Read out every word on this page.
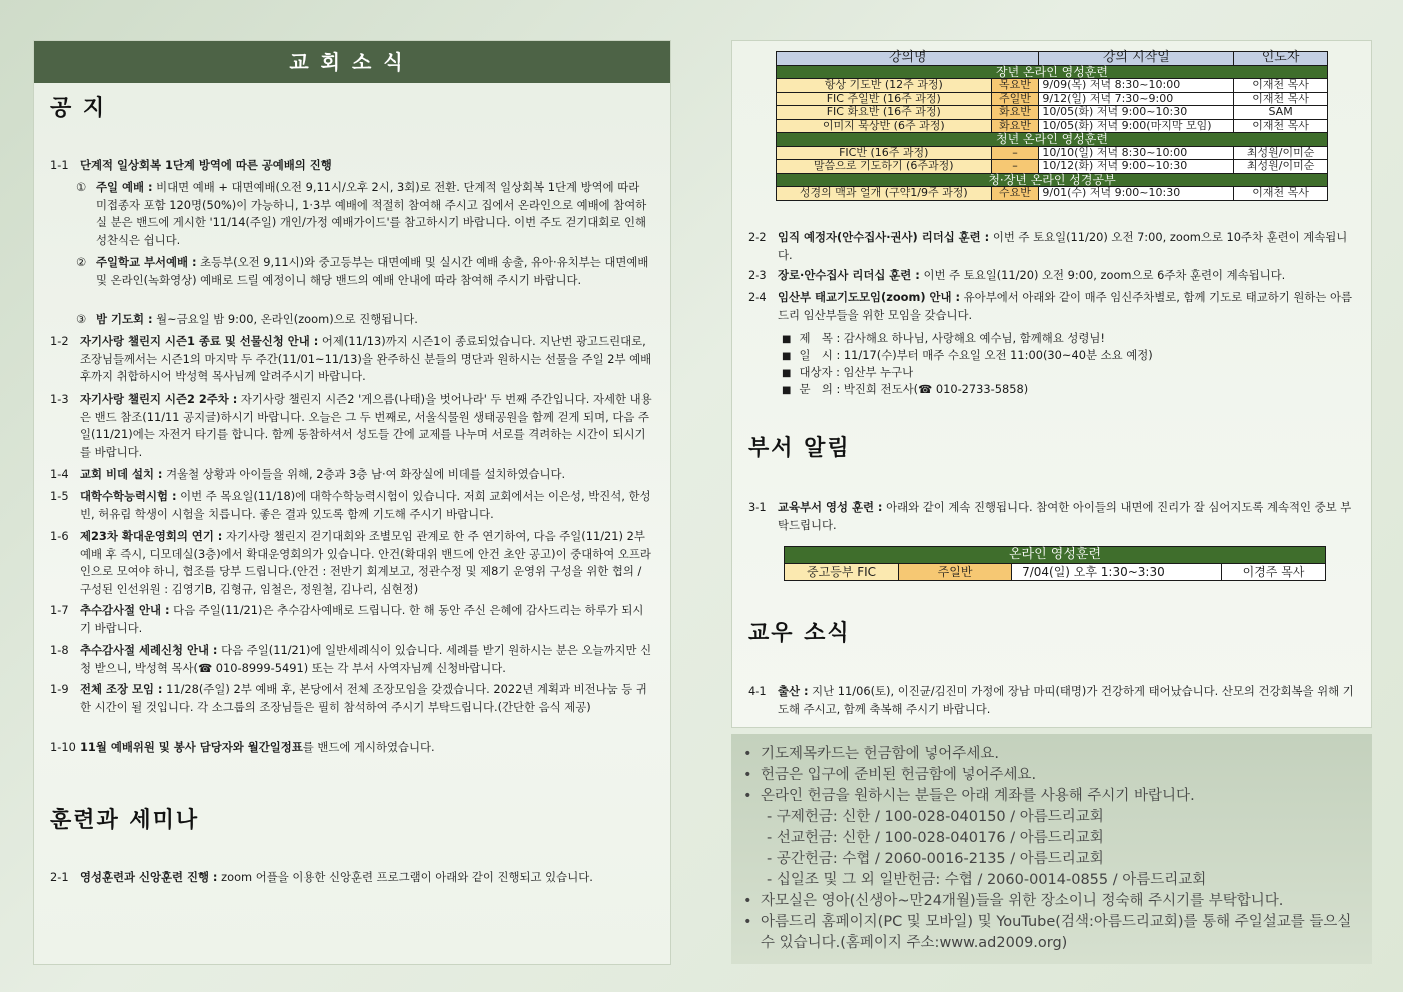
교회소식
공 지
1-1 단계적 일상회복 1단계 방역에 따른 공예배의 진행
① 주일 예배 : 비대면 예배 + 대면예배(오전 9,11시/오후 2시, 3회)로 전환. 단계적 일상회복 1단계 방역에 따라 미접종자 포함 120명(50%)이 가능하니, 1·3부 예배에 적절히 참여해 주시고 집에서 온라인으로 예배에 참여하실 분은 밴드에 게시한 '11/14(주일) 개인/가정 예배가이드'를 참고하시기 바랍니다. 이번 주도 걷기대회로 인해 성찬식은 쉽니다.
② 주일학교 부서예배 : 초등부(오전 9,11시)와 중고등부는 대면예배 및 실시간 예배 송출, 유아·유치부는 대면예배 및 온라인(녹화영상) 예배로 드릴 예정이니 해당 밴드의 예배 안내에 따라 참여해 주시기 바랍니다.
③ 밤 기도회 : 월~금요일 밤 9:00, 온라인(zoom)으로 진행됩니다.
1-2 자기사랑 챌린지 시즌1 종료 및 선물신청 안내 : 어제(11/13)까지 시즌1이 종료되었습니다. 지난번 광고드린대로, 조장님들께서는 시즌1의 마지막 두 주간(11/01~11/13)을 완주하신 분들의 명단과 원하시는 선물을 주일 2부 예배 후까지 취합하시어 박성혁 목사님께 알려주시기 바랍니다.
1-3 자기사랑 챌린지 시즌2 2주차 : 자기사랑 챌린지 시즌2 '게으름(나태)을 벗어나라' 두 번째 주간입니다. 자세한 내용은 밴드 참조(11/11 공지글)하시기 바랍니다. 오늘은 그 두 번째로, 서울식물원 생태공원을 함께 걷게 되며, 다음 주일(11/21)에는 자전거 타기를 합니다. 함께 동참하셔서 성도들 간에 교제를 나누며 서로를 격려하는 시간이 되시기를 바랍니다.
1-4 교회 비데 설치 : 겨울철 상황과 아이들을 위해, 2층과 3층 남·여 화장실에 비데를 설치하였습니다.
1-5 대학수학능력시험 : 이번 주 목요일(11/18)에 대학수학능력시험이 있습니다. 저희 교회에서는 이은성, 박진석, 한성빈, 허유림 학생이 시험을 치릅니다. 좋은 결과 있도록 함께 기도해 주시기 바랍니다.
1-6 제23차 확대운영회의 연기 : 자기사랑 챌린지 걷기대회와 조별모임 관계로 한 주 연기하여, 다음 주일(11/21) 2부 예배 후 즉시, 디모데실(3층)에서 확대운영회의가 있습니다. 안건(확대위 밴드에 안건 초안 공고)이 중대하여 오프라인으로 모여야 하니, 협조를 당부 드립니다.(안건 : 전반기 회계보고, 정관수정 및 제8기 운영위 구성을 위한 협의 / 구성된 인선위원 : 김영기B, 김형규, 임철은, 정원철, 김나리, 심현정)
1-7 추수감사절 안내 : 다음 주일(11/21)은 추수감사예배로 드립니다. 한 해 동안 주신 은혜에 감사드리는 하루가 되시기 바랍니다.
1-8 추수감사절 세례신청 안내 : 다음 주일(11/21)에 일반세례식이 있습니다. 세례를 받기 원하시는 분은 오늘까지만 신청 받으니, 박성혁 목사(☎ 010-8999-5491) 또는 각 부서 사역자님께 신청바랍니다.
1-9 전체 조장 모임 : 11/28(주일) 2부 예배 후, 본당에서 전체 조장모임을 갖겠습니다. 2022년 계획과 비전나눔 등 귀한 시간이 될 것입니다. 각 소그룹의 조장님들은 필히 참석하여 주시기 부탁드립니다.(간단한 음식 제공)
1-10 11월 예배위원 및 봉사 담당자와 월간일정표를 밴드에 게시하였습니다.
훈련과 세미나
2-1 영성훈련과 신앙훈련 진행 : zoom 어플을 이용한 신앙훈련 프로그램이 아래와 같이 진행되고 있습니다.
강의명		강의 시작일	인도자
장년 온라인 영성훈련			
항상 기도반 (12주 과정)	목요반	9/09(목) 저녁 8:30~10:00	이재천 목사
FIC 주일반 (16주 과정)	주일반	9/12(일) 저녁 7:30~9:00	이재천 목사
FIC 화요반 (16주 과정)	화요반	10/05(화) 저녁 9:00~10:30	SAM
이미지 묵상반 (6주 과정)	화요반	10/05(화) 저녁 9:00(마지막 모임)	이재천 목사
청년 온라인 영성훈련			
FIC반 (16주 과정)	–	10/10(일) 저녁 8:30~10:00	최성원/이미순
말씀으로 기도하기 (6주과정)	–	10/12(화) 저녁 9:00~10:30	최성원/이미순
청·장년 온라인 성경공부			
성경의 맥과 얼개 (구약1/9주 과정)	수요반	9/01(수) 저녁 9:00~10:30	이재천 목사
2-2 임직 예정자(안수집사·권사) 리더십 훈련 : 이번 주 토요일(11/20) 오전 7:00, zoom으로 10주차 훈련이 계속됩니다.
2-3 장로·안수집사 리더십 훈련 : 이번 주 토요일(11/20) 오전 9:00, zoom으로 6주차 훈련이 계속됩니다.
2-4 임산부 태교기도모임(zoom) 안내 : 유아부에서 아래와 같이 매주 임신주차별로, 함께 기도로 태교하기 원하는 아름드리 임산부들을 위한 모임을 갖습니다.
■ 제　목 : 감사해요 하나님, 사랑해요 예수님, 함께해요 성령님!
■ 일　시 : 11/17(수)부터 매주 수요일 오전 11:00(30~40분 소요 예정)
■ 대상자 : 임산부 누구나
■ 문　의 : 박진희 전도사(☎ 010-2733-5858)
부서 알림
3-1 교육부서 영성 훈련 : 아래와 같이 계속 진행됩니다. 참여한 아이들의 내면에 진리가 잘 심어지도록 계속적인 중보 부탁드립니다.
온라인 영성훈련
중고등부 FIC	주일반	7/04(일) 오후 1:30~3:30	이경주 목사
교우 소식
4-1 출산 : 지난 11/06(토), 이진균/김진미 가정에 장남 마띠(태명)가 건강하게 태어났습니다. 산모의 건강회복을 위해 기도해 주시고, 함께 축복해 주시기 바랍니다.
• 기도제목카드는 헌금함에 넣어주세요.
• 헌금은 입구에 준비된 헌금함에 넣어주세요.
• 온라인 헌금을 원하시는 분들은 아래 계좌를 사용해 주시기 바랍니다.
- 구제헌금: 신한 / 100-028-040150 / 아름드리교회
- 선교헌금: 신한 / 100-028-040176 / 아름드리교회
- 공간헌금: 수협 / 2060-0016-2135 / 아름드리교회
- 십일조 및 그 외 일반헌금: 수협 / 2060-0014-0855 / 아름드리교회
• 자모실은 영아(신생아~만24개월)들을 위한 장소이니 정숙해 주시기를 부탁합니다.
• 아름드리 홈페이지(PC 및 모바일) 및 YouTube(검색:아름드리교회)를 통해 주일설교를 들으실 수 있습니다.(홈페이지 주소:www.ad2009.org)
